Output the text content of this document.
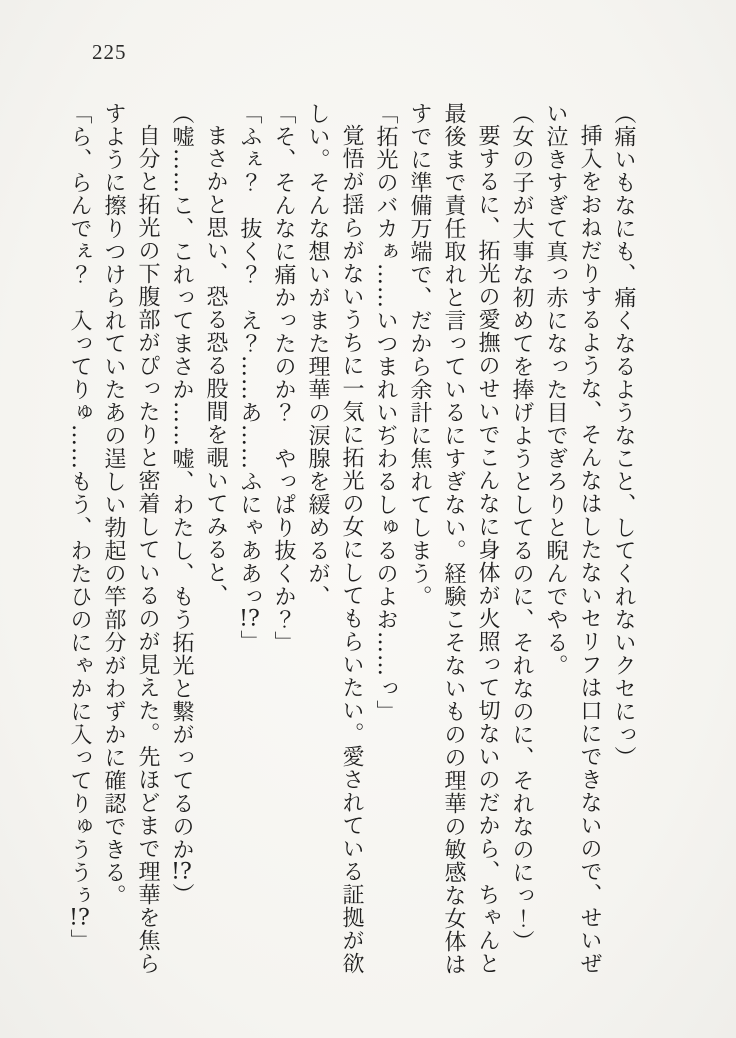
225
（痛いもなにも、痛くなるようなこと、してくれないクセにっ）
挿入をおねだりするような、そんなはしたないセリフは口にできないので、せいぜ
い泣きすぎて真っ赤になった目でぎろりと睨んでやる。
（女の子が大事な初めてを捧げようとしてるのに、それなのに、それなのにっ！）
要するに、拓光の愛撫のせいでこんなに身体が火照って切ないのだから、ちゃんと
最後まで責任取れと言っているにすぎない。経験こそないものの理華の敏感な女体は
すでに準備万端で、だから余計に焦れてしまう。
「拓光のバカぁ……いつまれいぢわるしゅるのよお……っ」
覚悟が揺らがないうちに一気に拓光の女にしてもらいたい。愛されている証拠が欲
しい。そんな想いがまた理華の涙腺を緩めるが、
「そ、そんなに痛かったのか？　やっぱり抜くか？」
「ふぇ？　抜く？　え？……あ……ふにゃああっ!?」
まさかと思い、恐る恐る股間を覗いてみると、
（嘘……こ、これってまさか……嘘、わたし、もう拓光と繋がってるのか!?）
自分と拓光の下腹部がぴったりと密着しているのが見えた。先ほどまで理華を焦ら
すように擦りつけられていたあの逞しい勃起の竿部分がわずかに確認できる。
「ら、らんでぇ？　入ってりゅ……もう、わたひのにゃかに入ってりゅううぅ!?」
